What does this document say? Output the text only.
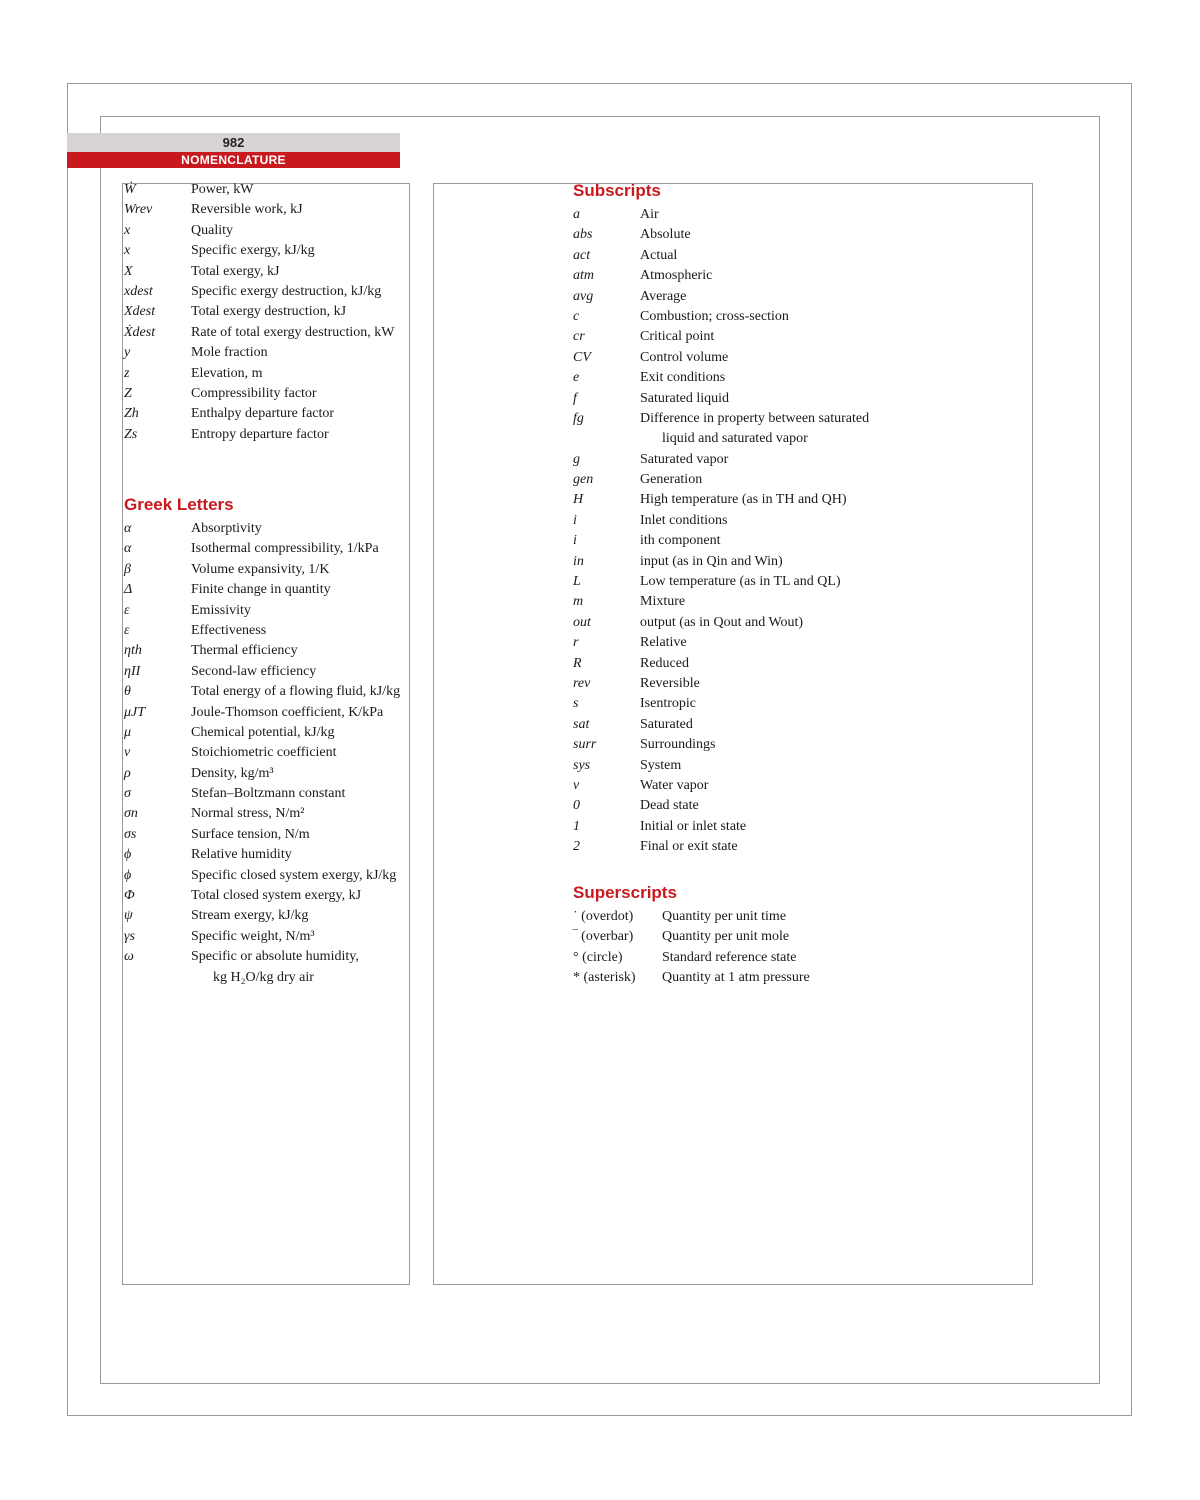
982
NOMENCLATURE
Ẇ	Power, kW
Wrev	Reversible work, kJ
x	Quality
x	Specific exergy, kJ/kg
X	Total exergy, kJ
xdest	Specific exergy destruction, kJ/kg
Xdest	Total exergy destruction, kJ
Ẋdest	Rate of total exergy destruction, kW
y	Mole fraction
z	Elevation, m
Z	Compressibility factor
Zh	Enthalpy departure factor
Zs	Entropy departure factor
Greek Letters
α	Absorptivity
α	Isothermal compressibility, 1/kPa
β	Volume expansivity, 1/K
Δ	Finite change in quantity
ε	Emissivity
ε	Effectiveness
ηth	Thermal efficiency
ηII	Second-law efficiency
θ	Total energy of a flowing fluid, kJ/kg
μJT	Joule-Thomson coefficient, K/kPa
μ	Chemical potential, kJ/kg
ν	Stoichiometric coefficient
ρ	Density, kg/m³
σ	Stefan–Boltzmann constant
σn	Normal stress, N/m²
σs	Surface tension, N/m
ϕ	Relative humidity
ϕ	Specific closed system exergy, kJ/kg
Φ	Total closed system exergy, kJ
ψ	Stream exergy, kJ/kg
γs	Specific weight, N/m³
ω	Specific or absolute humidity,
kg H₂O/kg dry air
Subscripts
a	Air
abs	Absolute
act	Actual
atm	Atmospheric
avg	Average
c	Combustion; cross-section
cr	Critical point
CV	Control volume
e	Exit conditions
f	Saturated liquid
fg	Difference in property between saturated
liquid and saturated vapor
g	Saturated vapor
gen	Generation
H	High temperature (as in TH and QH)
i	Inlet conditions
i	ith component
in	input (as in Qin and Win)
L	Low temperature (as in TL and QL)
m	Mixture
out	output (as in Qout and Wout)
r	Relative
R	Reduced
rev	Reversible
s	Isentropic
sat	Saturated
surr	Surroundings
sys	System
v	Water vapor
0	Dead state
1	Initial or inlet state
2	Final or exit state
Superscripts
˙ (overdot)	Quantity per unit time
‾ (overbar)	Quantity per unit mole
° (circle)	Standard reference state
* (asterisk)	Quantity at 1 atm pressure
